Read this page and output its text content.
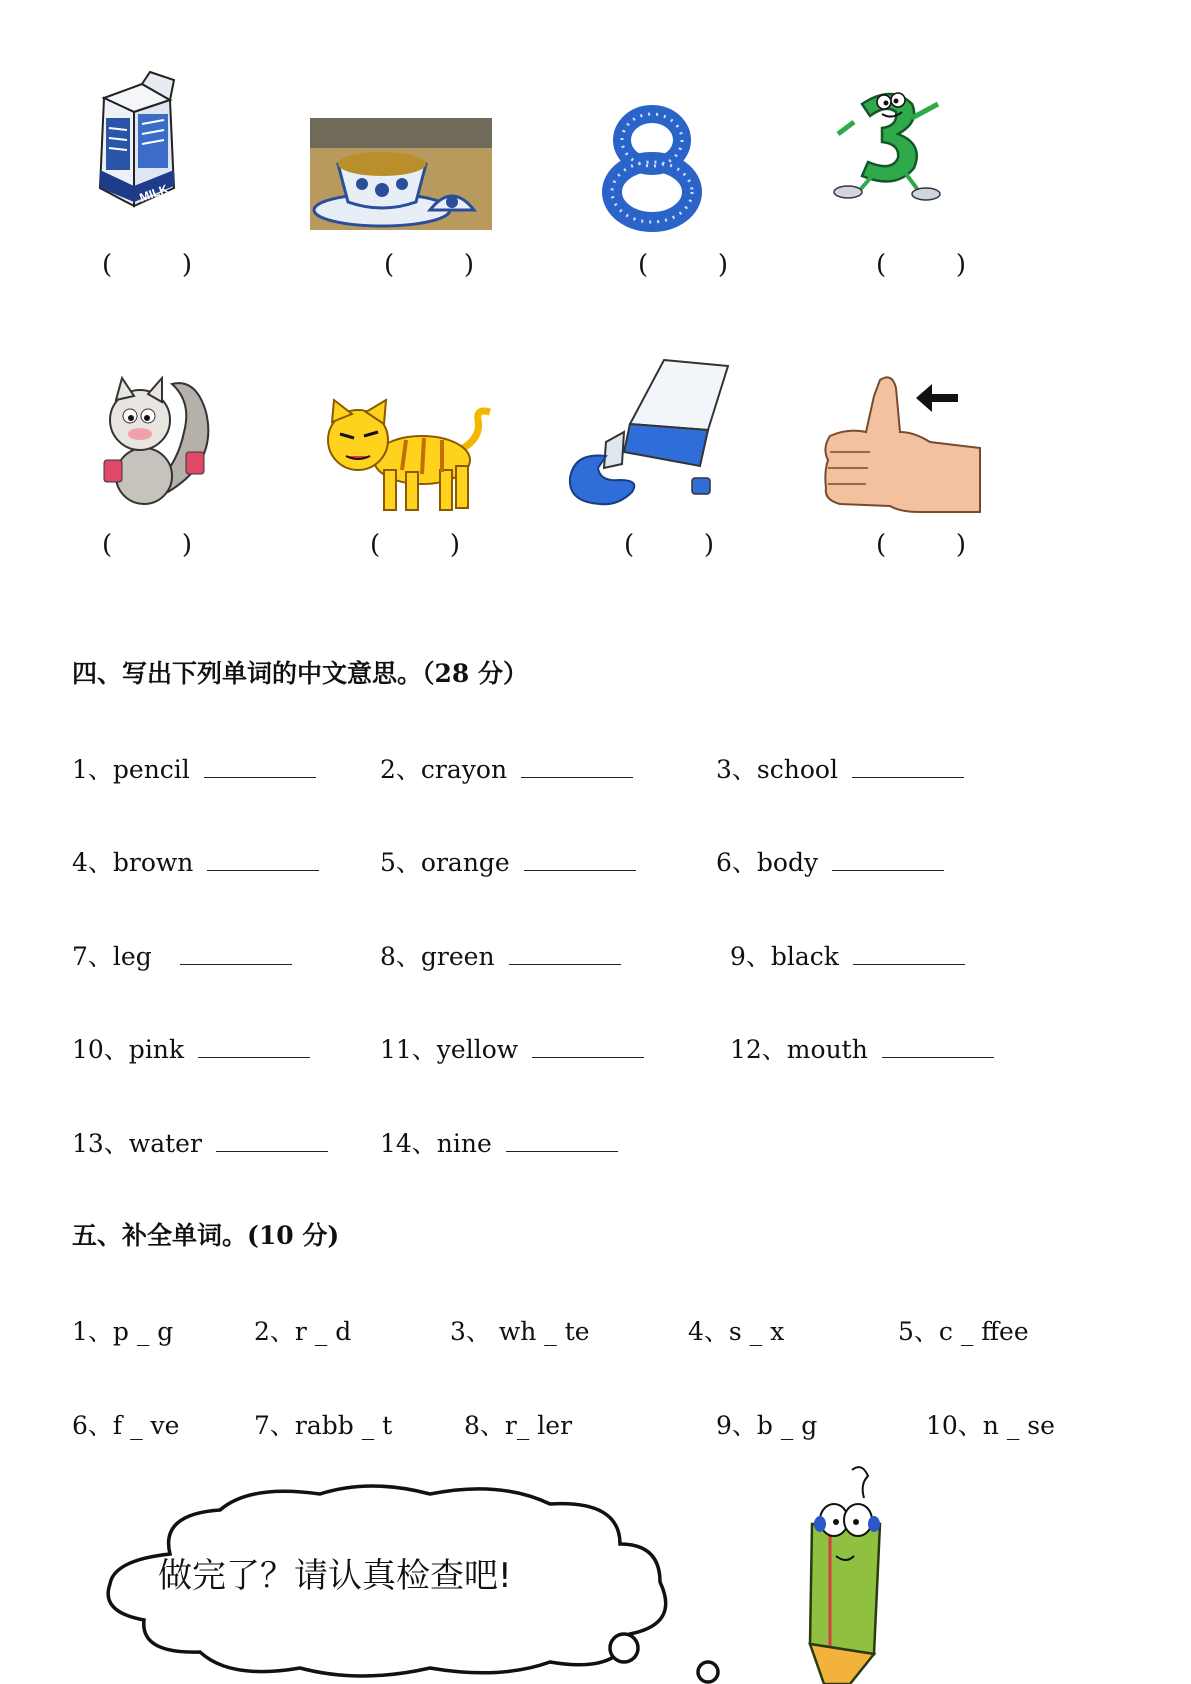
MILK
(	)	(	)	(	)	(	)
(	)	(	)	(	)	(	)
四、写出下列单词的中文意思。（28 分）
1、pencil	2、crayon	3、school
4、brown	5、orange	6、body
7、leg	8、green	9、black
10、pink	11、yellow	12、mouth
13、water	14、nine
五、补全单词。(10 分)
1、p _ g	2、r _ d	3、 wh _ te	4、s _ x	5、c _ ffee
6、f _ ve	7、rabb _ t	8、r_ ler	9、b _ g	10、n _ se
做完了？请认真检查吧!
